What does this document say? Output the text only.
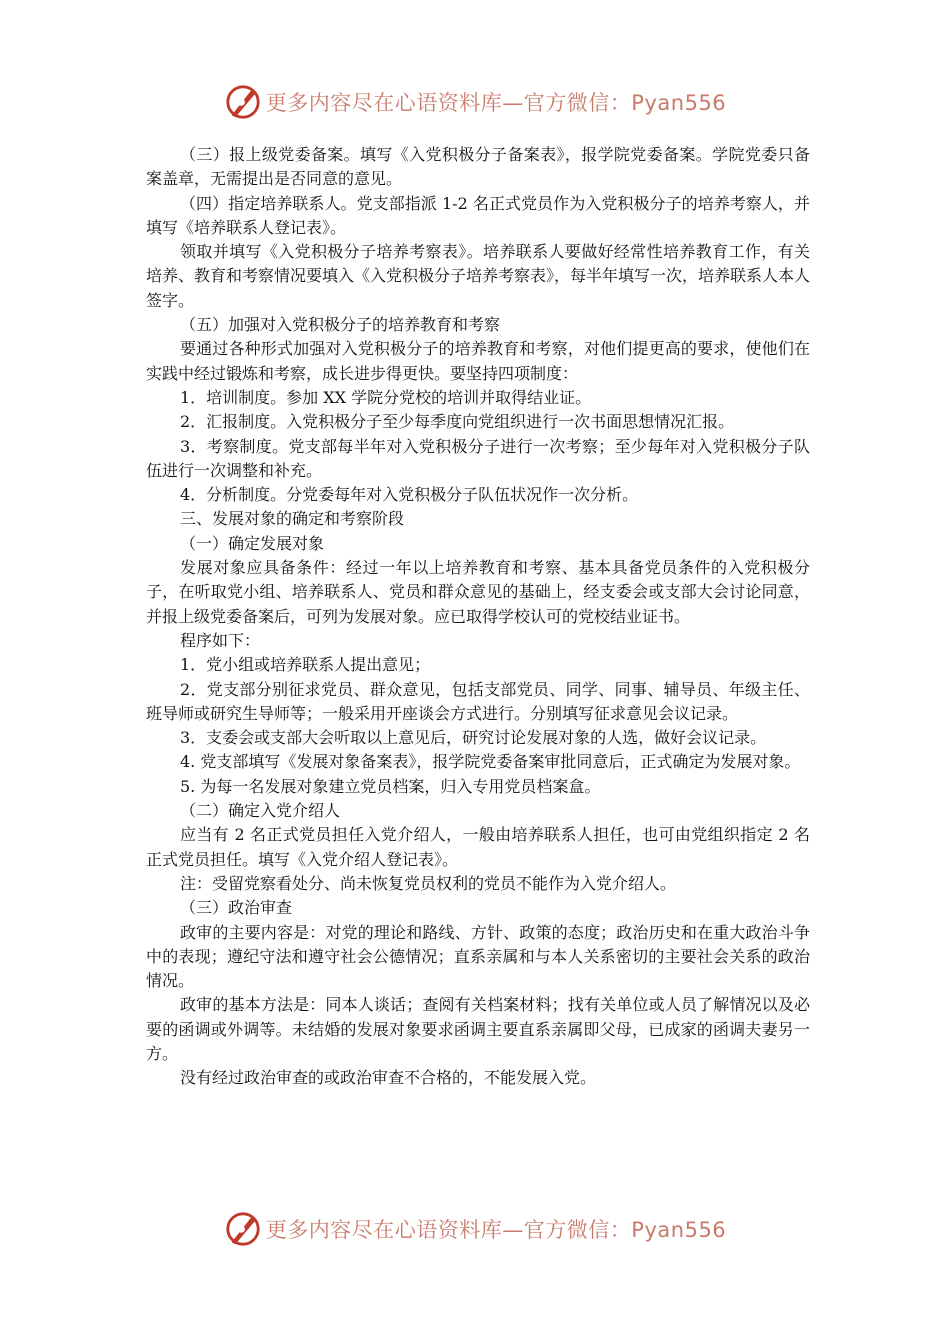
更多内容尽在心语资料库—官方微信：Pyan556

（三）报上级党委备案。填写《入党积极分子备案表》，报学院党委备案。学院党委只备案盖章，无需提出是否同意的意见。

（四）指定培养联系人。党支部指派 1-2 名正式党员作为入党积极分子的培养考察人，并填写《培养联系人登记表》。

领取并填写《入党积极分子培养考察表》。培养联系人要做好经常性培养教育工作，有关培养、教育和考察情况要填入《入党积极分子培养考察表》，每半年填写一次，培养联系人本人签字。

（五）加强对入党积极分子的培养教育和考察

要通过各种形式加强对入党积极分子的培养教育和考察，对他们提更高的要求，使他们在实践中经过锻炼和考察，成长进步得更快。要坚持四项制度：

1．培训制度。参加 XX 学院分党校的培训并取得结业证。

2．汇报制度。入党积极分子至少每季度向党组织进行一次书面思想情况汇报。

3．考察制度。党支部每半年对入党积极分子进行一次考察；至少每年对入党积极分子队伍进行一次调整和补充。

4．分析制度。分党委每年对入党积极分子队伍状况作一次分析。

三、发展对象的确定和考察阶段

（一）确定发展对象

发展对象应具备条件：经过一年以上培养教育和考察、基本具备党员条件的入党积极分子，在听取党小组、培养联系人、党员和群众意见的基础上，经支委会或支部大会讨论同意，并报上级党委备案后，可列为发展对象。应已取得学校认可的党校结业证书。

程序如下：

1．党小组或培养联系人提出意见；

2．党支部分别征求党员、群众意见，包括支部党员、同学、同事、辅导员、年级主任、班导师或研究生导师等；一般采用开座谈会方式进行。分别填写征求意见会议记录。

3．支委会或支部大会听取以上意见后，研究讨论发展对象的人选，做好会议记录。

4. 党支部填写《发展对象备案表》，报学院党委备案审批同意后，正式确定为发展对象。

5. 为每一名发展对象建立党员档案，归入专用党员档案盒。

（二）确定入党介绍人

应当有 2 名正式党员担任入党介绍人，一般由培养联系人担任，也可由党组织指定 2 名正式党员担任。填写《入党介绍人登记表》。

注：受留党察看处分、尚未恢复党员权利的党员不能作为入党介绍人。

（三）政治审查

政审的主要内容是：对党的理论和路线、方针、政策的态度；政治历史和在重大政治斗争中的表现；遵纪守法和遵守社会公德情况；直系亲属和与本人关系密切的主要社会关系的政治情况。

政审的基本方法是：同本人谈话；查阅有关档案材料；找有关单位或人员了解情况以及必要的函调或外调等。未结婚的发展对象要求函调主要直系亲属即父母，已成家的函调夫妻另一方。

没有经过政治审查的或政治审查不合格的，不能发展入党。

更多内容尽在心语资料库—官方微信：Pyan556
